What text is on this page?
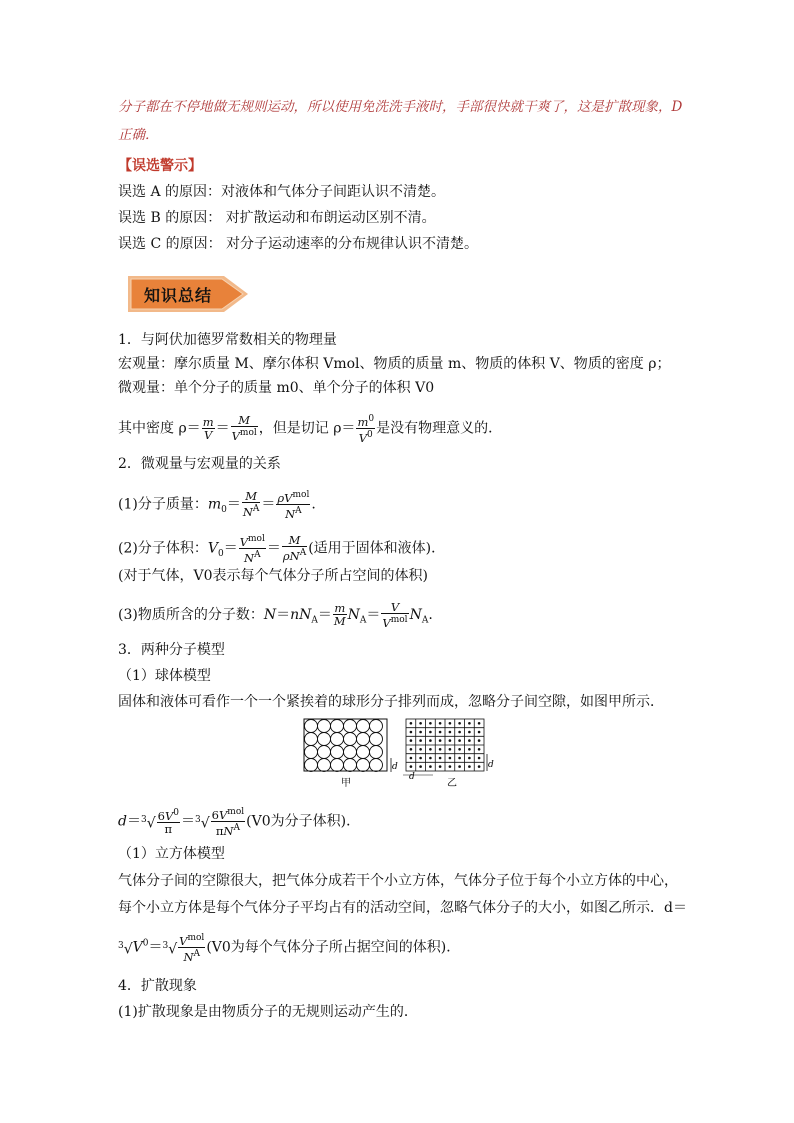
分子都在不停地做无规则运动，所以使用免洗洗手液时，手部很快就干爽了，这是扩散现象，D
正确．
【误选警示】
误选 A 的原因：对液体和气体分子间距认识不清楚。
误选 B 的原因： 对扩散运动和布朗运动区别不清。
误选 C 的原因： 对分子运动速率的分布规律认识不清楚。
知识总结
1．与阿伏加德罗常数相关的物理量
宏观量：摩尔质量 M、摩尔体积 Vmol、物质的质量 m、物质的体积 V、物质的密度 ρ；
微观量：单个分子的质量 m0、单个分子的体积 V0
其中密度 $\rho= \frac{m}{V} = \frac{M}{V^{mol}}$ ，但是切记 $\rho= \frac{m^0}{V^0}$ 是没有物理意义的．
2．微观量与宏观量的关系
(1)分子质量：$m_0= \frac{M}{N^A} = \frac{\rho V^{mol}}{N^A}$ .
(2)分子体积：$V_0= \frac{V^{mol}}{N^A} = \frac{M}{\rho N^A}$ (适用于固体和液体)．
(对于气体，V0表示每个气体分子所占空间的体积)
(3)物质所含的分子数：$N=nN_A= \frac{m}{M} N_A= \frac{V}{V^{mol}} N_A$.
3．两种分子模型
（1）球体模型
固体和液体可看作一个一个紧挨着的球形分子排列而成，忽略分子间空隙，如图甲所示．
d
甲
d
d
乙
$d=^3√ \frac{6V^0}{\pi} =^3√ \frac{6V^{mol}}{\pi N^A} (V0$为分子体积)．
（1）立方体模型
气体分子间的空隙很大，把气体分成若干个小立方体，气体分子位于每个小立方体的中心，
每个小立方体是每个气体分子平均占有的活动空间，忽略气体分子的大小，如图乙所示．d＝
$^3√V^0=^3√ \frac{V^{mol}}{N^A} (V0$为每个气体分子所占据空间的体积)．
4．扩散现象
(1)扩散现象是由物质分子的无规则运动产生的．
